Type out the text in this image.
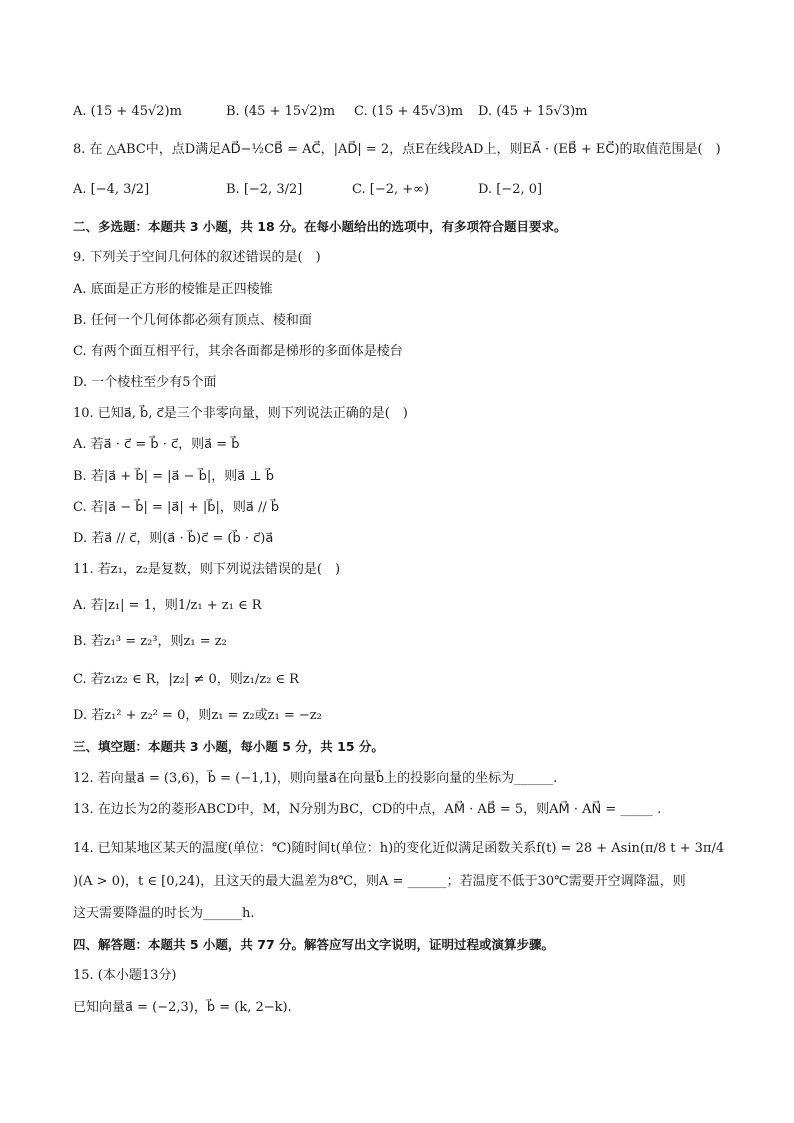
A. (15 + 45√2)m	B. (45 + 15√2)m C. (15 + 45√3)m D. (45 + 15√3)m
8. 在 △ABC中，点D满足AD⃗−½CB⃗ = AC⃗，|AD⃗| = 2，点E在线段AD上，则EA⃗ · (EB⃗ + EC⃗)的取值范围是(　)
A. [−4, 3/2]	B. [−2, 3/2]	C. [−2, +∞)	D. [−2, 0]
二、多选题：本题共 3 小题，共 18 分。在每小题给出的选项中，有多项符合题目要求。
9. 下列关于空间几何体的叙述错误的是(　)
A. 底面是正方形的棱锥是正四棱锥
B. 任何一个几何体都必须有顶点、棱和面
C. 有两个面互相平行，其余各面都是梯形的多面体是棱台
D. 一个棱柱至少有5个面
10. 已知a⃗, b⃗, c⃗是三个非零向量，则下列说法正确的是(　)
A. 若a⃗ · c⃗ = b⃗ · c⃗，则a⃗ = b⃗
B. 若|a⃗ + b⃗| = |a⃗ − b⃗|，则a⃗ ⊥ b⃗
C. 若|a⃗ − b⃗| = |a⃗| + |b⃗|，则a⃗ // b⃗
D. 若a⃗ // c⃗，则(a⃗ · b⃗)c⃗ = (b⃗ · c⃗)a⃗
11. 若z₁，z₂是复数，则下列说法错误的是(　)
A. 若|z₁| = 1，则1/z₁ + z₁ ∈ R
B. 若z₁³ = z₂³，则z₁ = z₂
C. 若z₁z₂ ∈ R，|z₂| ≠ 0，则z₁/z₂ ∈ R
D. 若z₁² + z₂² = 0，则z₁ = z₂或z₁ = −z₂
三、填空题：本题共 3 小题，每小题 5 分，共 15 分。
12. 若向量a⃗ = (3,6)，b⃗ = (−1,1)，则向量a⃗在向量b⃗上的投影向量的坐标为______.
13. 在边长为2的菱形ABCD中，M，N分别为BC，CD的中点，AM⃗ · AB⃗ = 5，则AM⃗ · AN⃗ = _____ .
14. 已知某地区某天的温度(单位：℃)随时间t(单位：h)的变化近似满足函数关系f(t) = 28 + Asin(π/8 t + 3π/4
)(A > 0)，t ∈ [0,24)，且这天的最大温差为8℃，则A = ______；若温度不低于30℃需要开空调降温，则
这天需要降温的时长为______h.
四、解答题：本题共 5 小题，共 77 分。解答应写出文字说明，证明过程或演算步骤。
15. (本小题13分)
已知向量a⃗ = (−2,3)，b⃗ = (k, 2−k).
